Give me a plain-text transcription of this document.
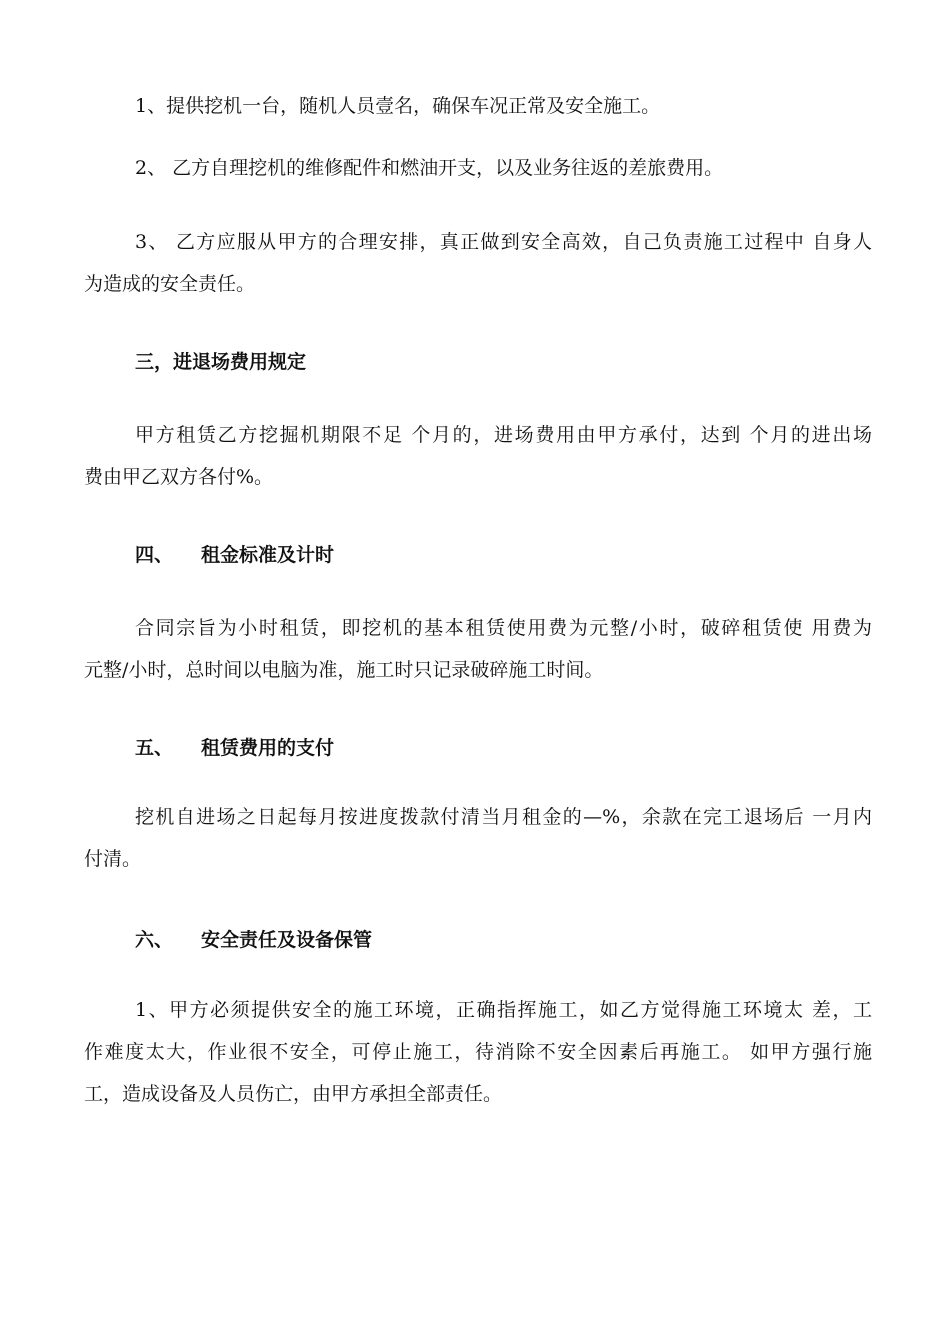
1、提供挖机一台，随机人员壹名，确保车况正常及安全施工。

2、 乙方自理挖机的维修配件和燃油开支，以及业务往返的差旅费用。

3、 乙方应服从甲方的合理安排，真正做到安全高效，自己负责施工过程中 自身人
为造成的安全责任。

三，进退场费用规定

甲方租赁乙方挖掘机期限不足 个月的，进场费用由甲方承付，达到 个月的进出场
费由甲乙双方各付%。

四、 租金标准及计时

合同宗旨为小时租赁，即挖机的基本租赁使用费为元整/小时，破碎租赁使 用费为
元整/小时，总时间以电脑为准，施工时只记录破碎施工时间。

五、 租赁费用的支付

挖机自进场之日起每月按进度拨款付清当月租金的—%，余款在完工退场后 一月内
付清。

六、 安全责任及设备保管

1、甲方必须提供安全的施工环境，正确指挥施工，如乙方觉得施工环境太 差，工
作难度太大，作业很不安全，可停止施工，待消除不安全因素后再施工。 如甲方强行施
工，造成设备及人员伤亡，由甲方承担全部责任。
